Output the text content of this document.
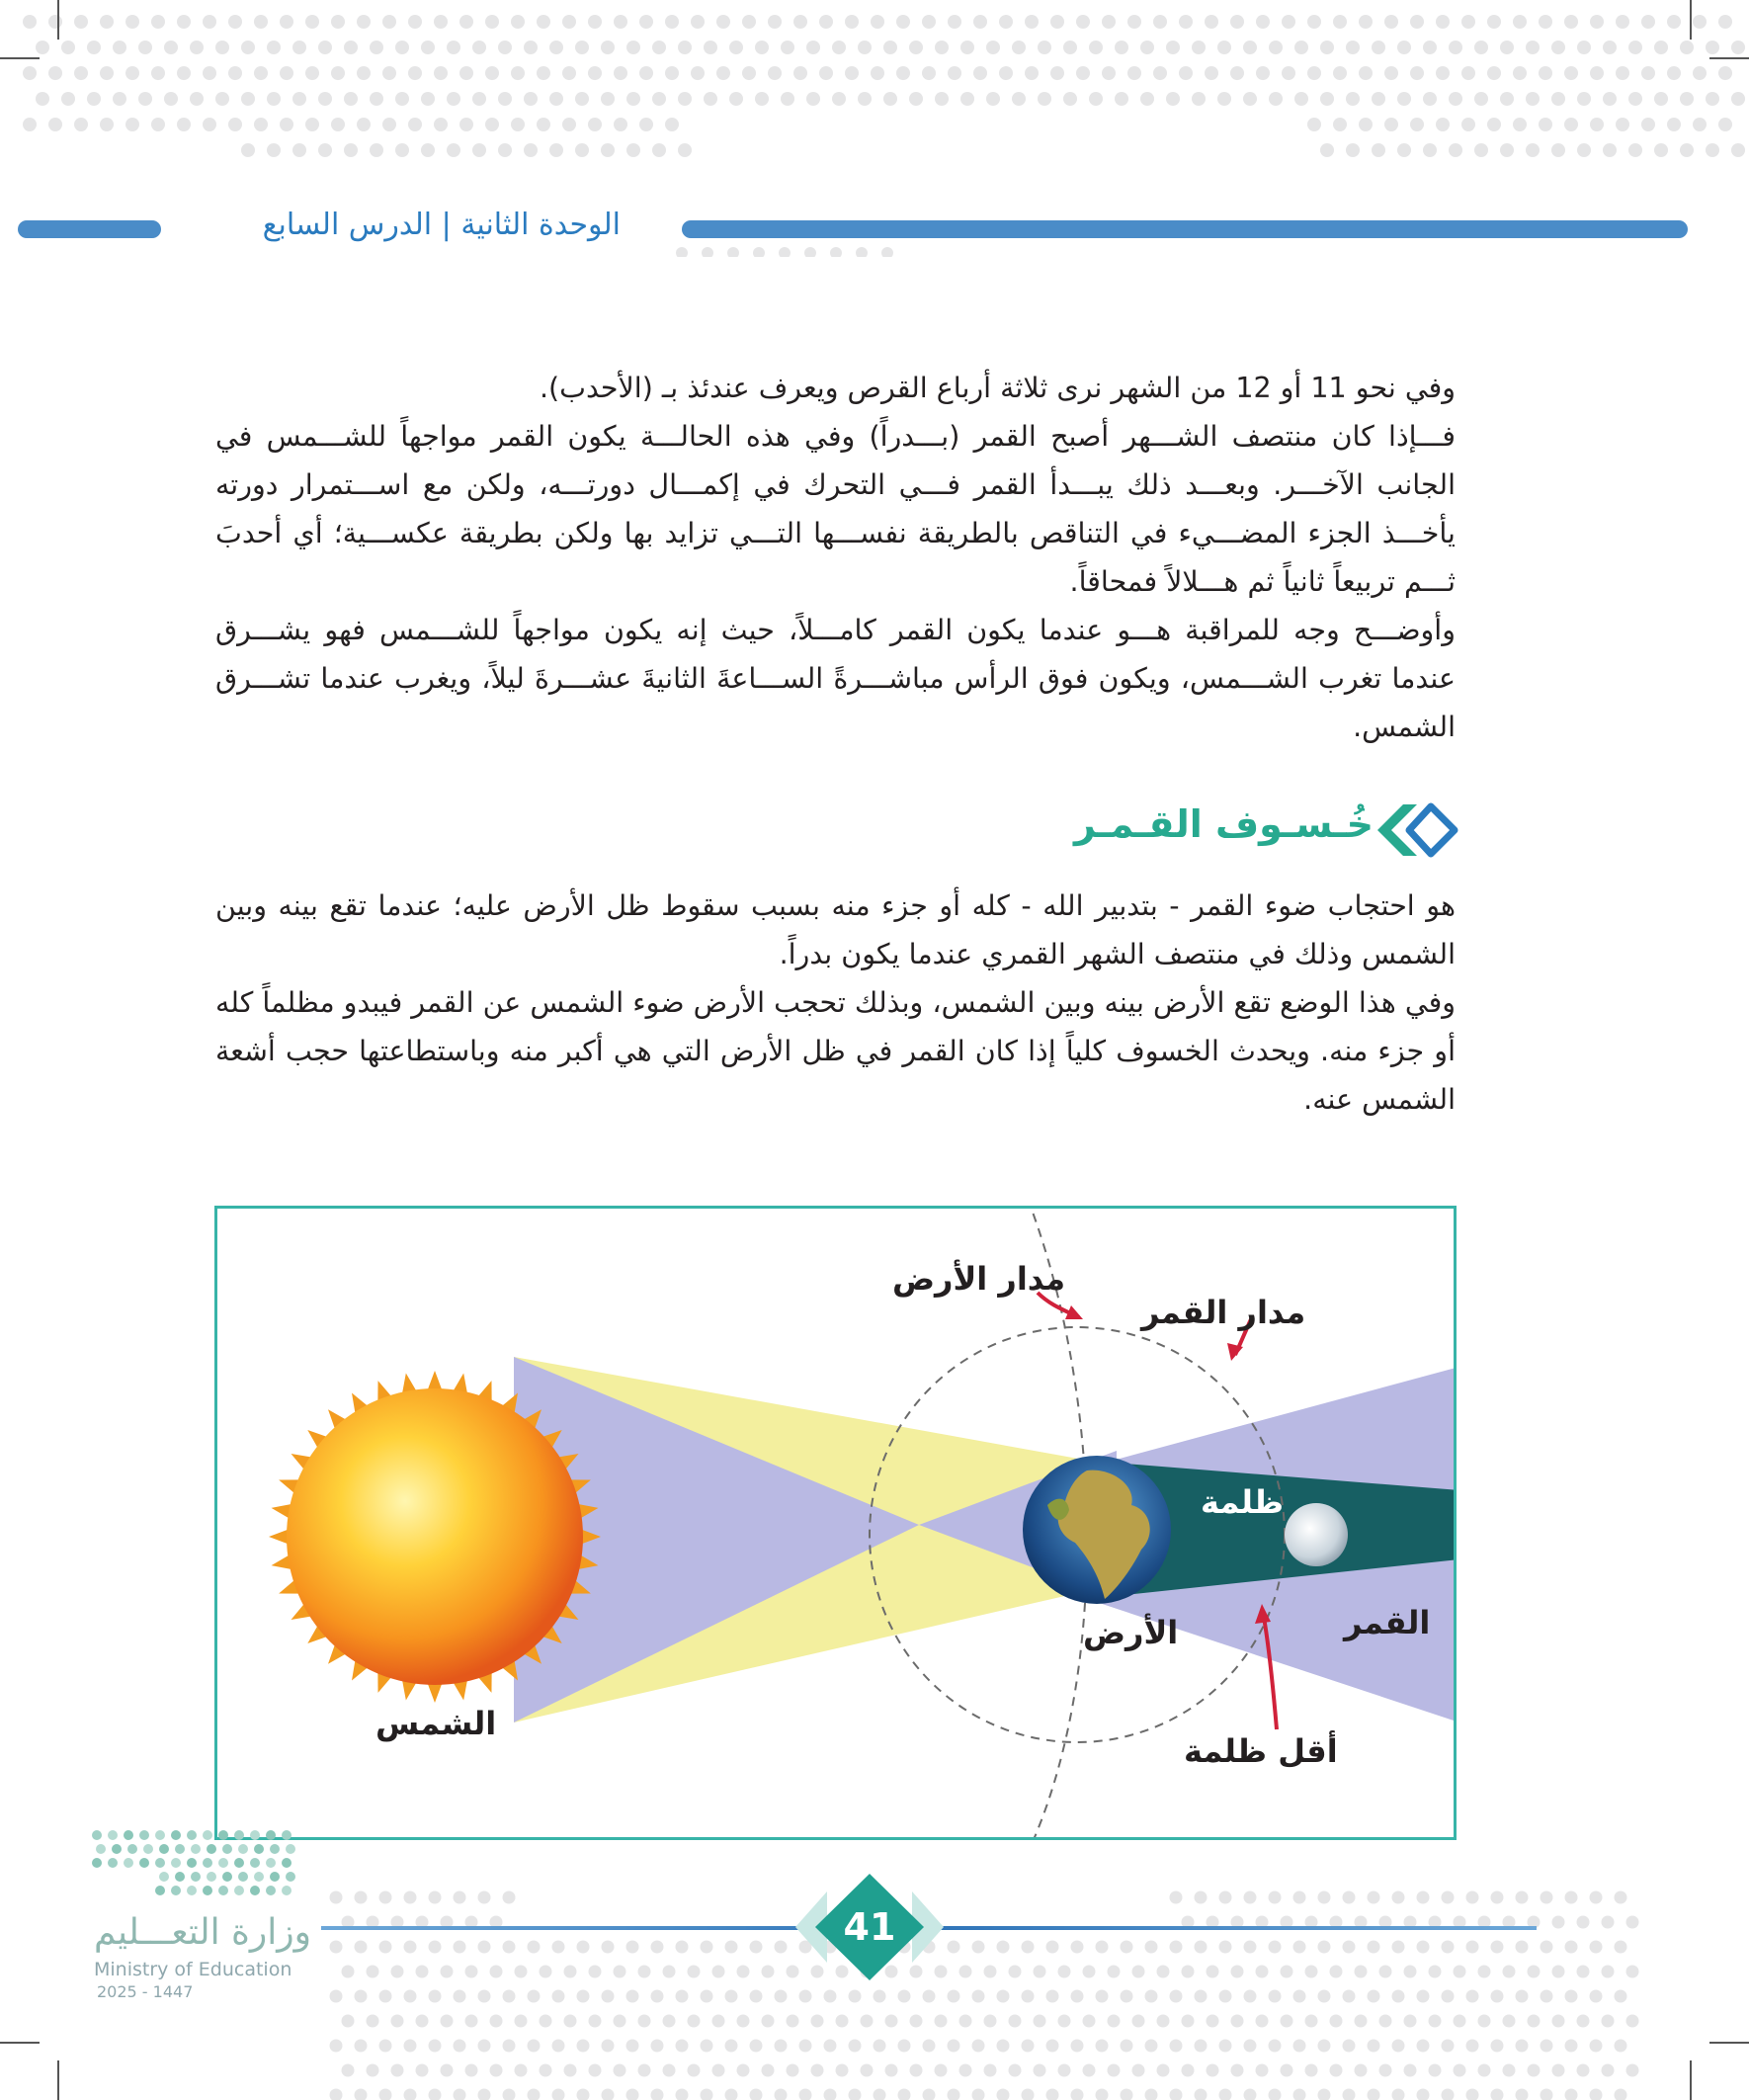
الوحدة الثانية | الدرس السابع

وفي نحو 11 أو 12 من الشهر نرى ثلاثة أرباع القرص ويعرف عندئذ بـ (الأحدب).

فـــإذا كان منتصف الشـــهر أصبح القمر (بـــدراً) وفي هذه الحالـــة يكون القمر مواجهاً للشـــمس في الجانب الآخـــر. وبعـــد ذلك يبـــدأ القمر فـــي التحرك في إكمـــال دورتـــه، ولكن مع اســـتمرار دورته يأخـــذ الجزء المضـــيء في التناقص بالطريقة نفســـها التـــي تزايد بها ولكن بطريقة عكســـية؛ أي أحدبَ ثـــم تربيعاً ثانياً ثم هـــلالاً فمحاقاً.

وأوضـــح وجه للمراقبة هـــو عندما يكون القمر كامـــلاً، حيث إنه يكون مواجهاً للشـــمس فهو يشـــرق عندما تغرب الشـــمس، ويكون فوق الرأس مباشـــرةً الســـاعةَ الثانيةَ عشـــرةَ ليلاً، ويغرب عندما تشـــرق الشمس.

خُـسـوف القـمـر

هو احتجاب ضوء القمر - بتدبير الله - كله أو جزء منه بسبب سقوط ظل الأرض عليه؛ عندما تقع بينه وبين الشمس وذلك في منتصف الشهر القمري عندما يكون بدراً.

وفي هذا الوضع تقع الأرض بينه وبين الشمس، وبذلك تحجب الأرض ضوء الشمس عن القمر فيبدو مظلماً كله أو جزء منه. ويحدث الخسوف كلياً إذا كان القمر في ظل الأرض التي هي أكبر منه وباستطاعتها حجب أشعة الشمس عنه.

مدار الأرض
مدار القمر
ظلمة
القمر
الأرض
الشمس
أقل ظلمة
وزارة التعـــليم
Ministry of Education
2025 - 1447
41
